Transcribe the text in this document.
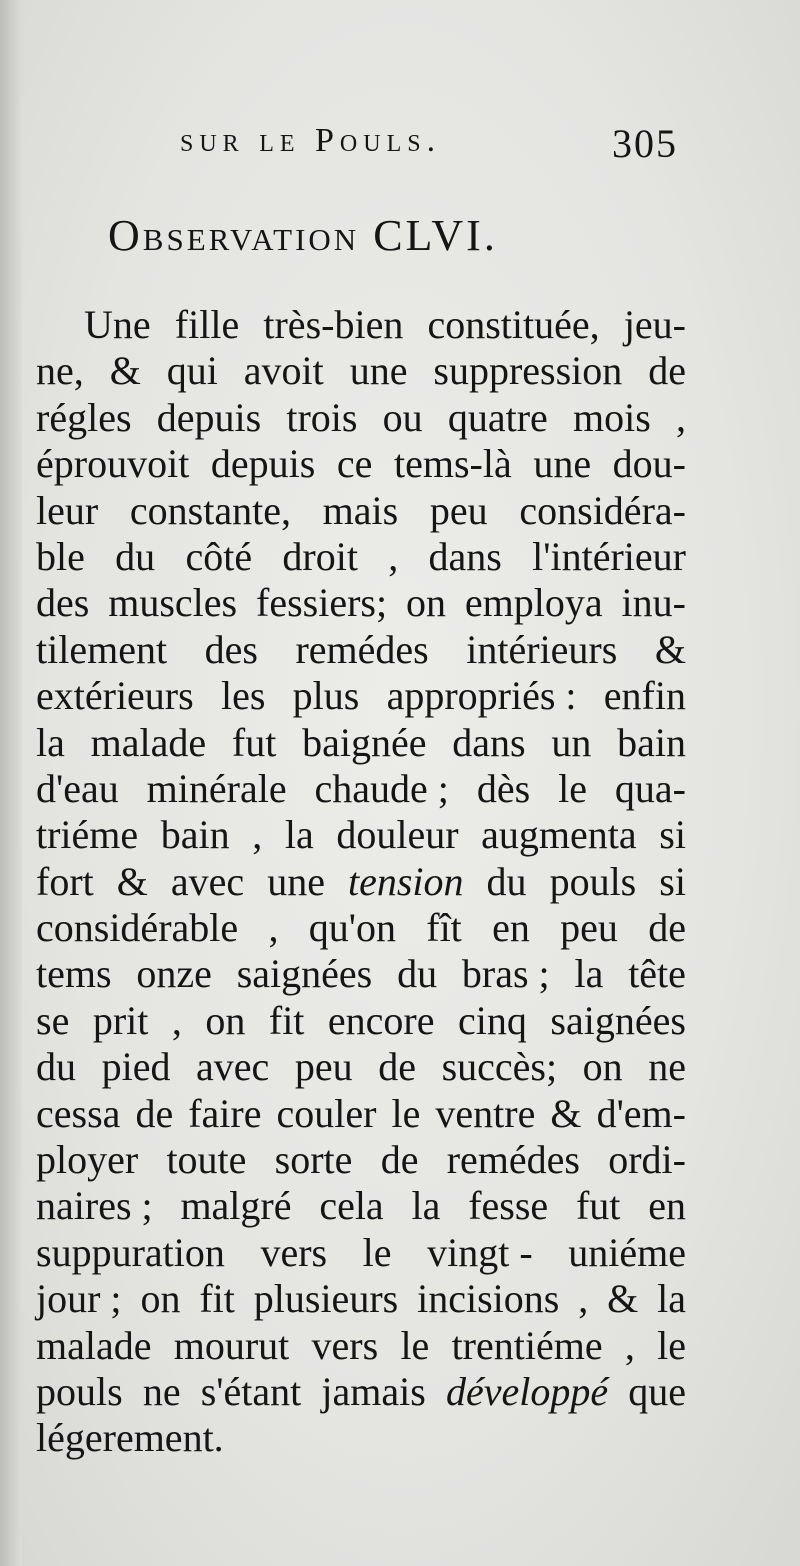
sur le Pouls.	305
Observation CLVI.
Une fille très-bien constituée, jeu-
ne, & qui avoit une suppression de
régles depuis trois ou quatre mois ,
éprouvoit depuis ce tems-là une dou-
leur constante, mais peu considéra-
ble du côté droit , dans l'intérieur
des muscles fessiers; on employa inu-
tilement des remédes intérieurs &
extérieurs les plus appropriés : enfin
la malade fut baignée dans un bain
d'eau minérale chaude ; dès le qua-
triéme bain , la douleur augmenta si
fort & avec une tension du pouls si
considérable , qu'on fît en peu de
tems onze saignées du bras ; la tête
se prit , on fit encore cinq saignées
du pied avec peu de succès; on ne
cessa de faire couler le ventre & d'em-
ployer toute sorte de remédes ordi-
naires ; malgré cela la fesse fut en
suppuration vers le vingt - uniéme
jour ; on fit plusieurs incisions , & la
malade mourut vers le trentiéme , le
pouls ne s'étant jamais développé que
légerement.
